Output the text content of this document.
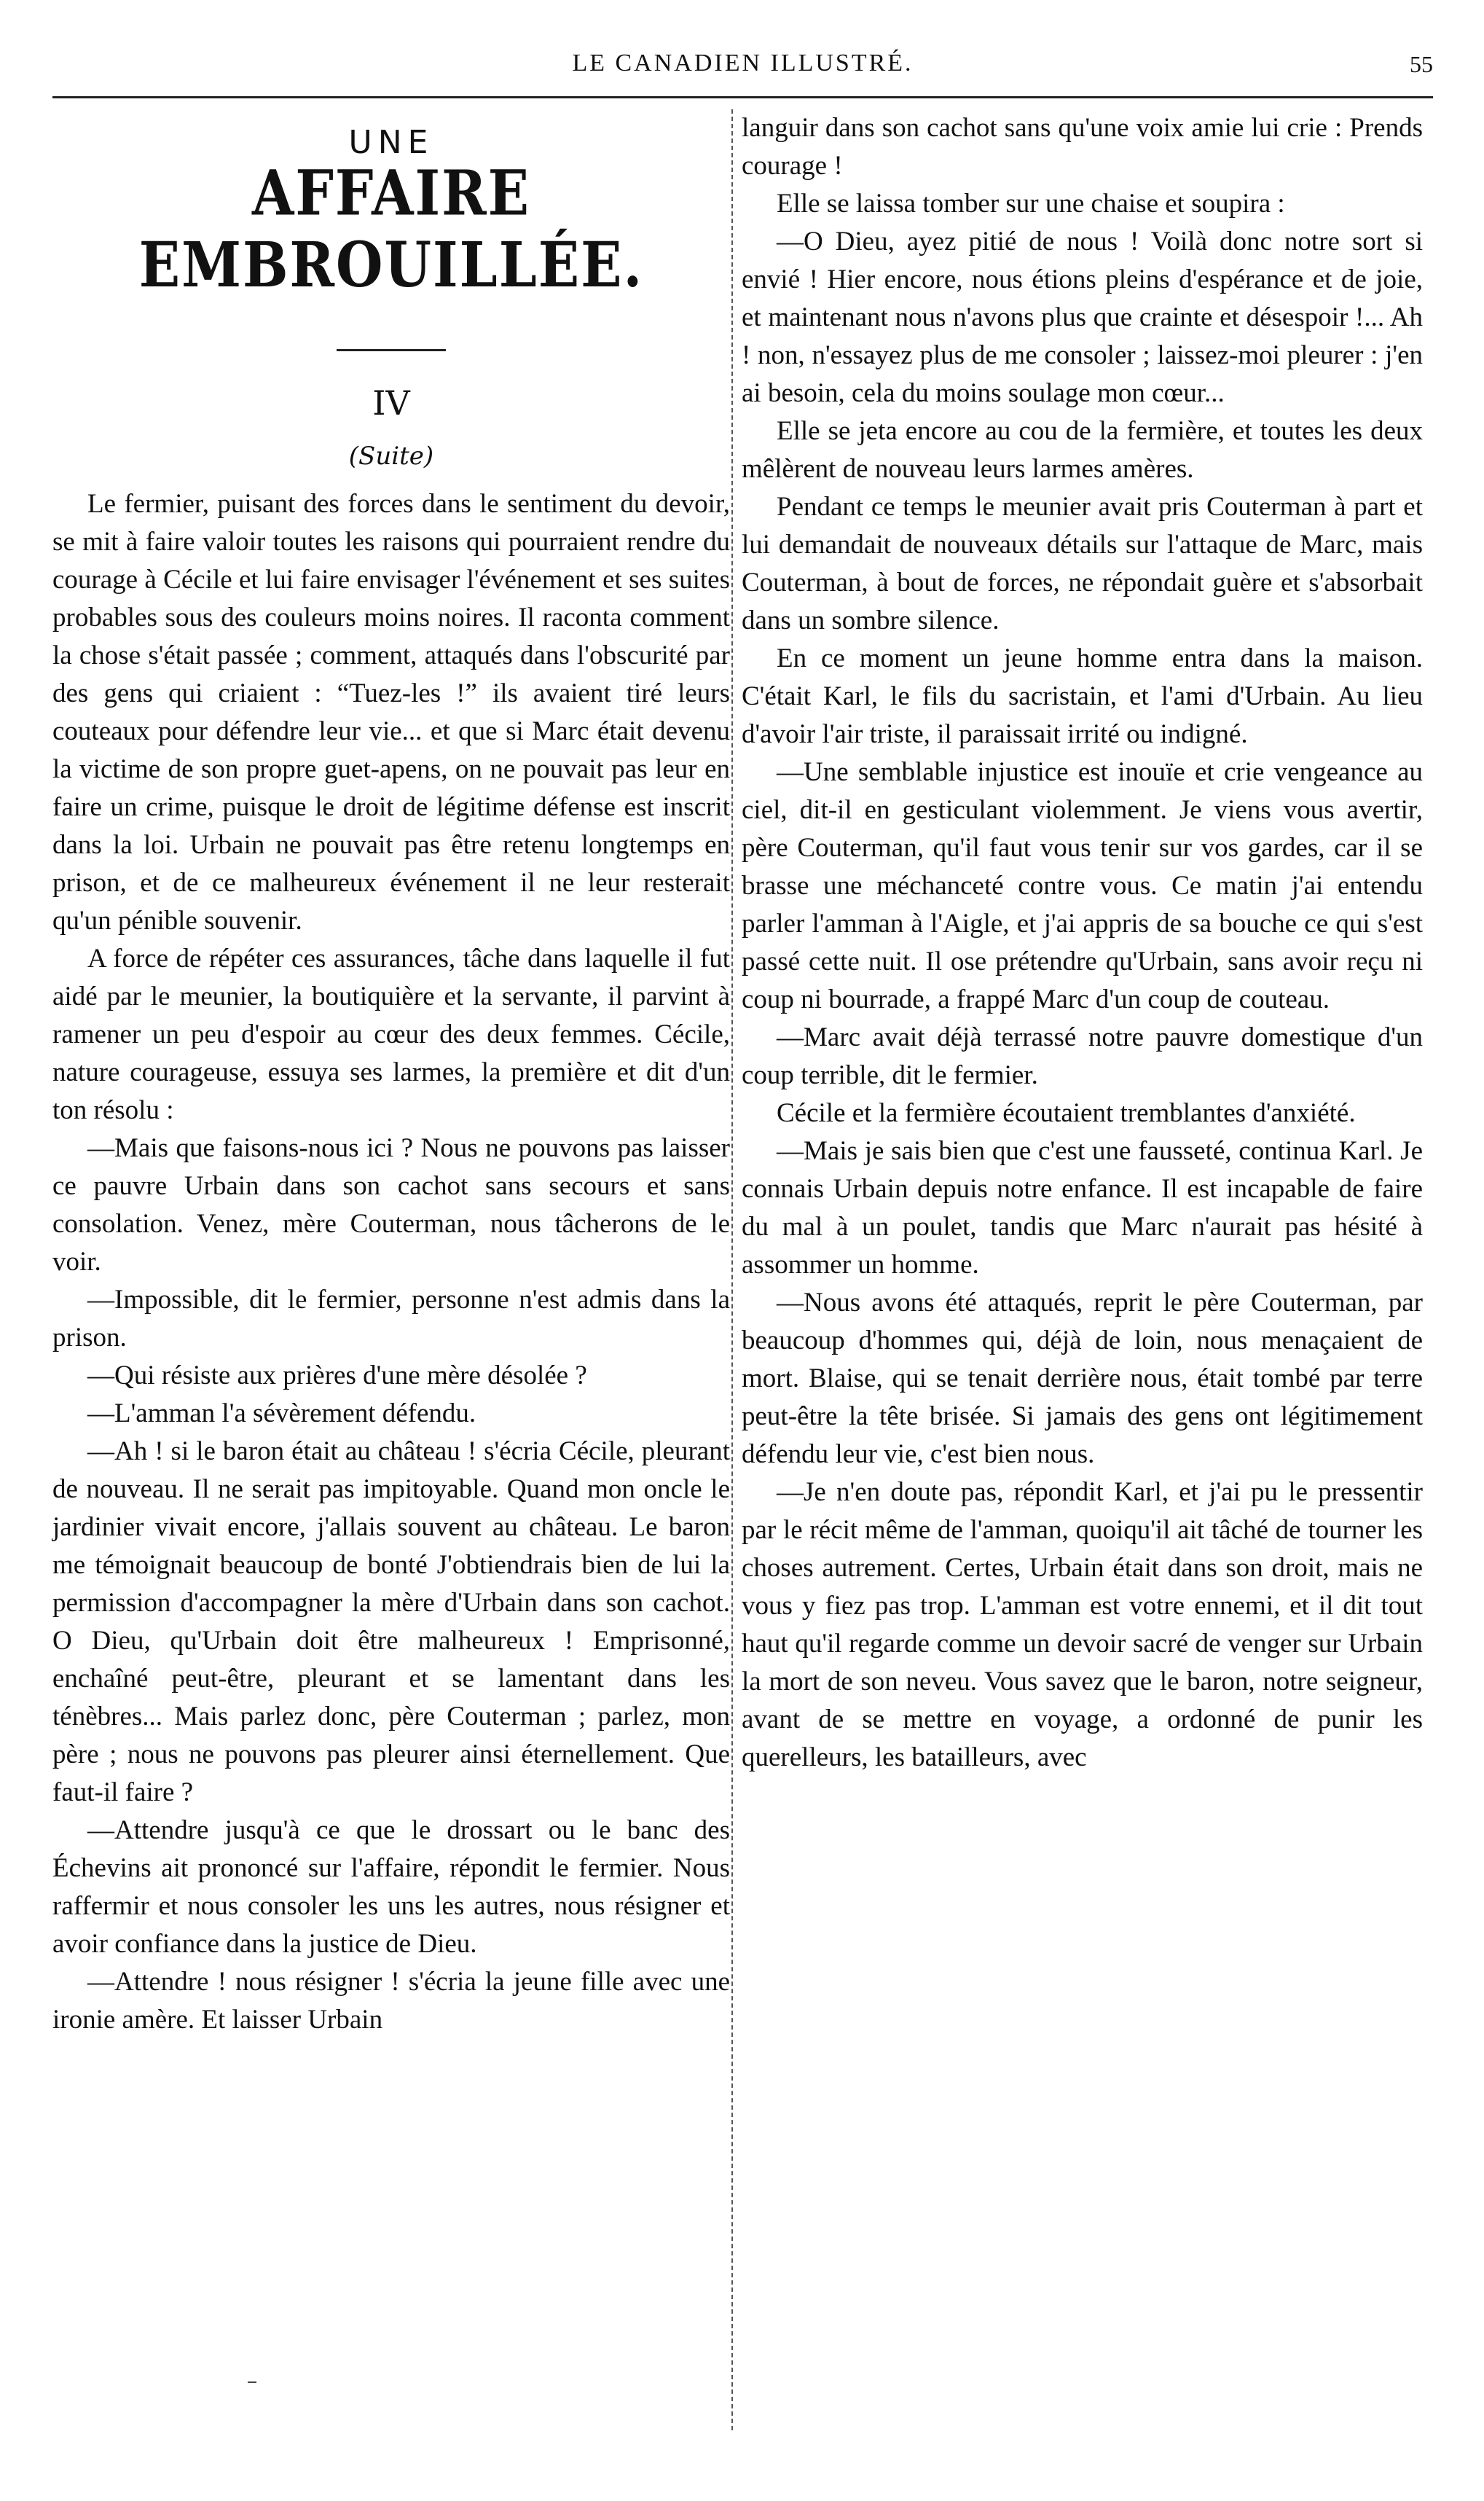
LE CANADIEN ILLUSTRÉ.	55
UNE
AFFAIRE EMBROUILLÉE.
IV
(Suite)

Le fermier, puisant des forces dans le sentiment du devoir, se mit à faire valoir toutes les raisons qui pourraient rendre du courage à Cécile et lui faire envisager l'événement et ses suites probables sous des couleurs moins noires. Il raconta comment la chose s'était passée ; comment, attaqués dans l'obscurité par des gens qui criaient : “Tuez-les !” ils avaient tiré leurs couteaux pour défendre leur vie... et que si Marc était devenu la victime de son propre guet-apens, on ne pouvait pas leur en faire un crime, puisque le droit de légitime défense est inscrit dans la loi. Urbain ne pouvait pas être retenu longtemps en prison, et de ce malheureux événement il ne leur resterait qu'un pénible souvenir.

A force de répéter ces assurances, tâche dans laquelle il fut aidé par le meunier, la boutiquière et la servante, il parvint à ramener un peu d'espoir au cœur des deux femmes. Cécile, nature courageuse, essuya ses larmes, la première et dit d'un ton résolu :

—Mais que faisons-nous ici ? Nous ne pouvons pas laisser ce pauvre Urbain dans son cachot sans secours et sans consolation. Venez, mère Couterman, nous tâcherons de le voir.

—Impossible, dit le fermier, personne n'est admis dans la prison.

—Qui résiste aux prières d'une mère désolée ?

—L'amman l'a sévèrement défendu.

—Ah ! si le baron était au château ! s'écria Cécile, pleurant de nouveau. Il ne serait pas impitoyable. Quand mon oncle le jardinier vivait encore, j'allais souvent au château. Le baron me témoignait beaucoup de bonté J'obtiendrais bien de lui la permission d'accompagner la mère d'Urbain dans son cachot. O Dieu, qu'Urbain doit être malheureux ! Emprisonné, enchaîné peut-être, pleurant et se lamentant dans les ténèbres... Mais parlez donc, père Couterman ; parlez, mon père ; nous ne pouvons pas pleurer ainsi éternellement. Que faut-il faire ?

—Attendre jusqu'à ce que le drossart ou le banc des Échevins ait prononcé sur l'affaire, répondit le fermier. Nous raffermir et nous consoler les uns les autres, nous résigner et avoir confiance dans la justice de Dieu.

—Attendre ! nous résigner ! s'écria la jeune fille avec une ironie amère. Et laisser Urbain

languir dans son cachot sans qu'une voix amie lui crie : Prends courage !

Elle se laissa tomber sur une chaise et soupira :

—O Dieu, ayez pitié de nous ! Voilà donc notre sort si envié ! Hier encore, nous étions pleins d'espérance et de joie, et maintenant nous n'avons plus que crainte et désespoir !... Ah ! non, n'essayez plus de me consoler ; laissez-moi pleurer : j'en ai besoin, cela du moins soulage mon cœur...

Elle se jeta encore au cou de la fermière, et toutes les deux mêlèrent de nouveau leurs larmes amères.

Pendant ce temps le meunier avait pris Couterman à part et lui demandait de nouveaux détails sur l'attaque de Marc, mais Couterman, à bout de forces, ne répondait guère et s'absorbait dans un sombre silence.

En ce moment un jeune homme entra dans la maison. C'était Karl, le fils du sacristain, et l'ami d'Urbain. Au lieu d'avoir l'air triste, il paraissait irrité ou indigné.

—Une semblable injustice est inouïe et crie vengeance au ciel, dit-il en gesticulant violemment. Je viens vous avertir, père Couterman, qu'il faut vous tenir sur vos gardes, car il se brasse une méchanceté contre vous. Ce matin j'ai entendu parler l'amman à l'Aigle, et j'ai appris de sa bouche ce qui s'est passé cette nuit. Il ose prétendre qu'Urbain, sans avoir reçu ni coup ni bourrade, a frappé Marc d'un coup de couteau.

—Marc avait déjà terrassé notre pauvre domestique d'un coup terrible, dit le fermier.

Cécile et la fermière écoutaient tremblantes d'anxiété.

—Mais je sais bien que c'est une fausseté, continua Karl. Je connais Urbain depuis notre enfance. Il est incapable de faire du mal à un poulet, tandis que Marc n'aurait pas hésité à assommer un homme.

—Nous avons été attaqués, reprit le père Couterman, par beaucoup d'hommes qui, déjà de loin, nous menaçaient de mort. Blaise, qui se tenait derrière nous, était tombé par terre peut-être la tête brisée. Si jamais des gens ont légitimement défendu leur vie, c'est bien nous.

—Je n'en doute pas, répondit Karl, et j'ai pu le pressentir par le récit même de l'amman, quoiqu'il ait tâché de tourner les choses autrement. Certes, Urbain était dans son droit, mais ne vous y fiez pas trop. L'amman est votre ennemi, et il dit tout haut qu'il regarde comme un devoir sacré de venger sur Urbain la mort de son neveu. Vous savez que le baron, notre seigneur, avant de se mettre en voyage, a ordonné de punir les querelleurs, les batailleurs, avec
